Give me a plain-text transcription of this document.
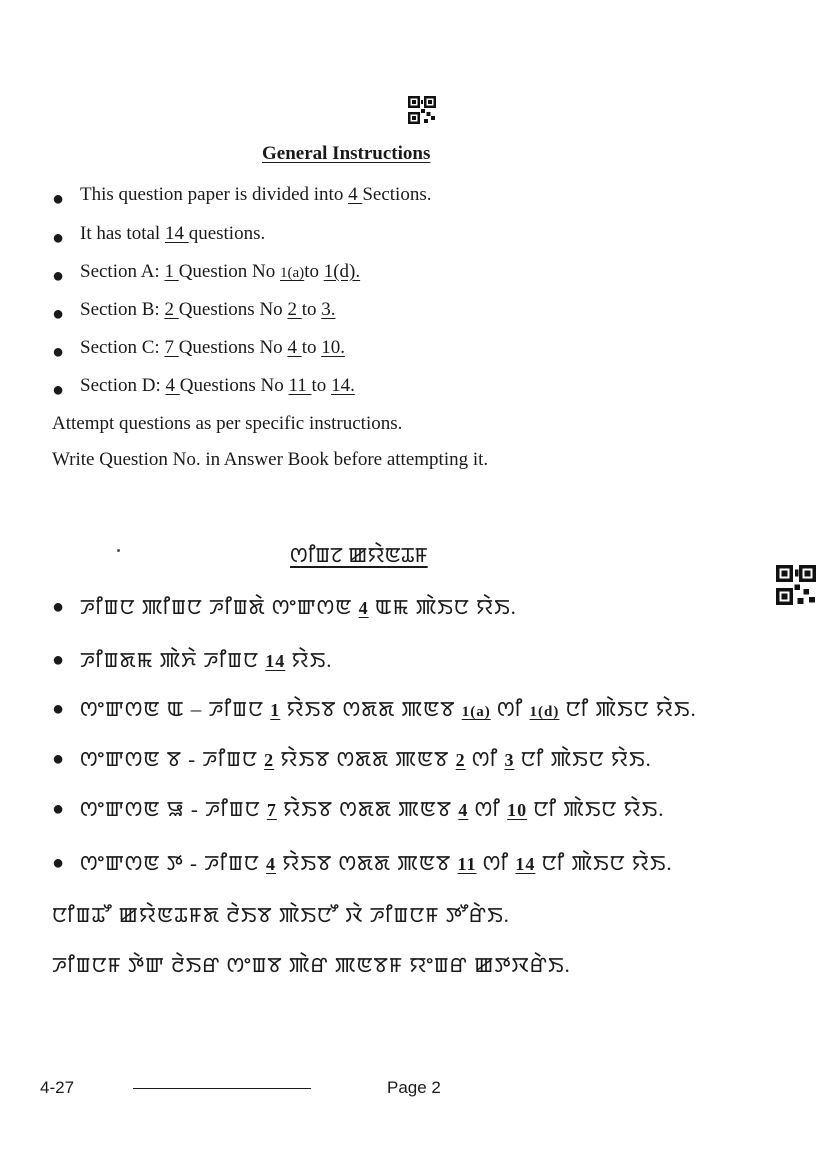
General Instructions
● This question paper is divided into 4 Sections.
● It has total 14 questions.
● Section A: 1 Question No 1(a)to 1(d).
● Section B: 2 Questions No 2 to 3.
● Section C: 7 Questions No 4 to 10.
● Section D: 4 Questions No 11 to 14.
Attempt questions as per specific instructions.
Write Question No. in Answer Book before attempting it.
ꯁꯤꯡꯖ ꯀꯌꯥꯟꯊꯝ
● ꯍꯤꯡꯅ ꯄꯤꯡꯅ ꯍꯤꯡꯗꯥ ꯁꯦꯛꯁꯟ 4 ꯑꯃ ꯄꯥꯏꯅ ꯌꯥꯏ.
● ꯍꯤꯡꯗꯃ ꯄꯥꯈꯥ ꯍꯤꯡꯅ 14 ꯌꯥꯏ.
● ꯁꯦꯛꯁꯟ ꯑ – ꯍꯤꯡꯅ 1 ꯌꯥꯏꯕ ꯁꯗꯗ ꯄꯟꯕ 1(a) ꯁꯤ 1(d) ꯅꯤ ꯄꯥꯏꯅ ꯌꯥꯏ.
● ꯁꯦꯛꯁꯟ ꯕ - ꯍꯤꯡꯅ 2 ꯌꯥꯏꯕ ꯁꯗꯗ ꯄꯟꯕ 2 ꯁꯤ 3 ꯅꯤ ꯄꯥꯏꯅ ꯌꯥꯏ.
● ꯁꯦꯛꯁꯟ ꯎ - ꯍꯤꯡꯅ 7 ꯌꯥꯏꯕ ꯁꯗꯗ ꯄꯟꯕ 4 ꯁꯤ 10 ꯅꯤ ꯄꯥꯏꯅ ꯌꯥꯏ.
● ꯁꯦꯛꯁꯟ ꯇ - ꯍꯤꯡꯅ 4 ꯌꯥꯏꯕ ꯁꯗꯗ ꯄꯟꯕ 11 ꯁꯤ 14 ꯅꯤ ꯄꯥꯏꯅ ꯌꯥꯏ.
ꯅꯤꯡꯊꯧ ꯀꯌꯥꯟꯊꯝꯗ ꯂꯥꯏꯕ ꯄꯥꯏꯅꯧ ꯋꯥ ꯍꯤꯡꯅꯝ ꯇꯧꯔꯥꯏ.
ꯍꯤꯡꯅꯝ ꯇꯥꯛ ꯂꯥꯏꯔ ꯁꯦꯡꯕ ꯄꯥꯔ ꯄꯟꯕꯝ ꯌꯦꯡꯔ ꯀꯇꯋꯔꯥꯏ.
4-27	Page 2
